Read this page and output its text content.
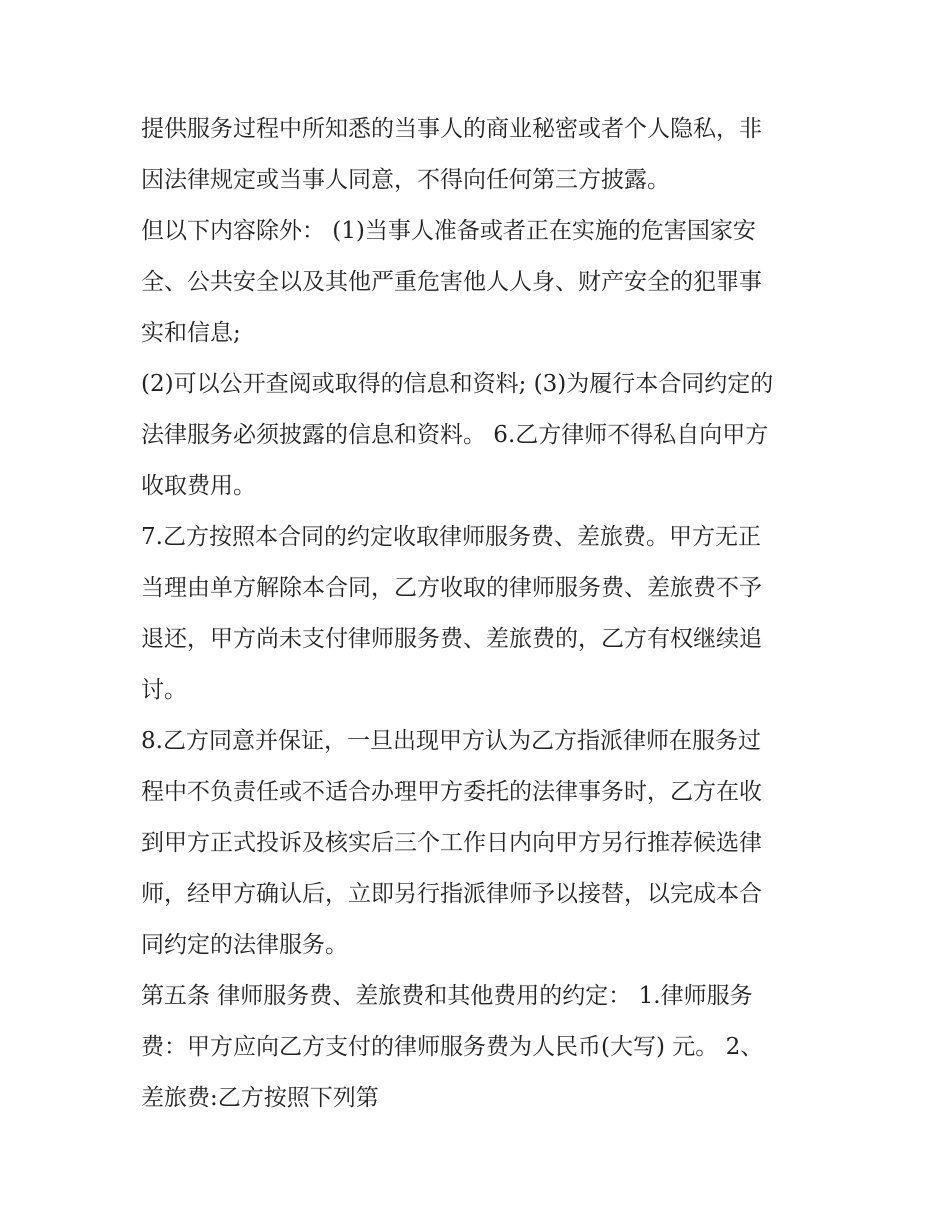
提供服务过程中所知悉的当事人的商业秘密或者个人隐私，非
因法律规定或当事人同意，不得向任何第三方披露。
但以下内容除外： (1)当事人准备或者正在实施的危害国家安
全、公共安全以及其他严重危害他人人身、财产安全的犯罪事
实和信息;
(2)可以公开查阅或取得的信息和资料; (3)为履行本合同约定的
法律服务必须披露的信息和资料。 6.乙方律师不得私自向甲方
收取费用。
7.乙方按照本合同的约定收取律师服务费、差旅费。甲方无正
当理由单方解除本合同，乙方收取的律师服务费、差旅费不予
退还，甲方尚未支付律师服务费、差旅费的，乙方有权继续追
讨。
8.乙方同意并保证，一旦出现甲方认为乙方指派律师在服务过
程中不负责任或不适合办理甲方委托的法律事务时，乙方在收
到甲方正式投诉及核实后三个工作日内向甲方另行推荐候选律
师，经甲方确认后，立即另行指派律师予以接替，以完成本合
同约定的法律服务。
第五条 律师服务费、差旅费和其他费用的约定： 1.律师服务
费：甲方应向乙方支付的律师服务费为人民币(大写) 元。 2、
差旅费:乙方按照下列第
